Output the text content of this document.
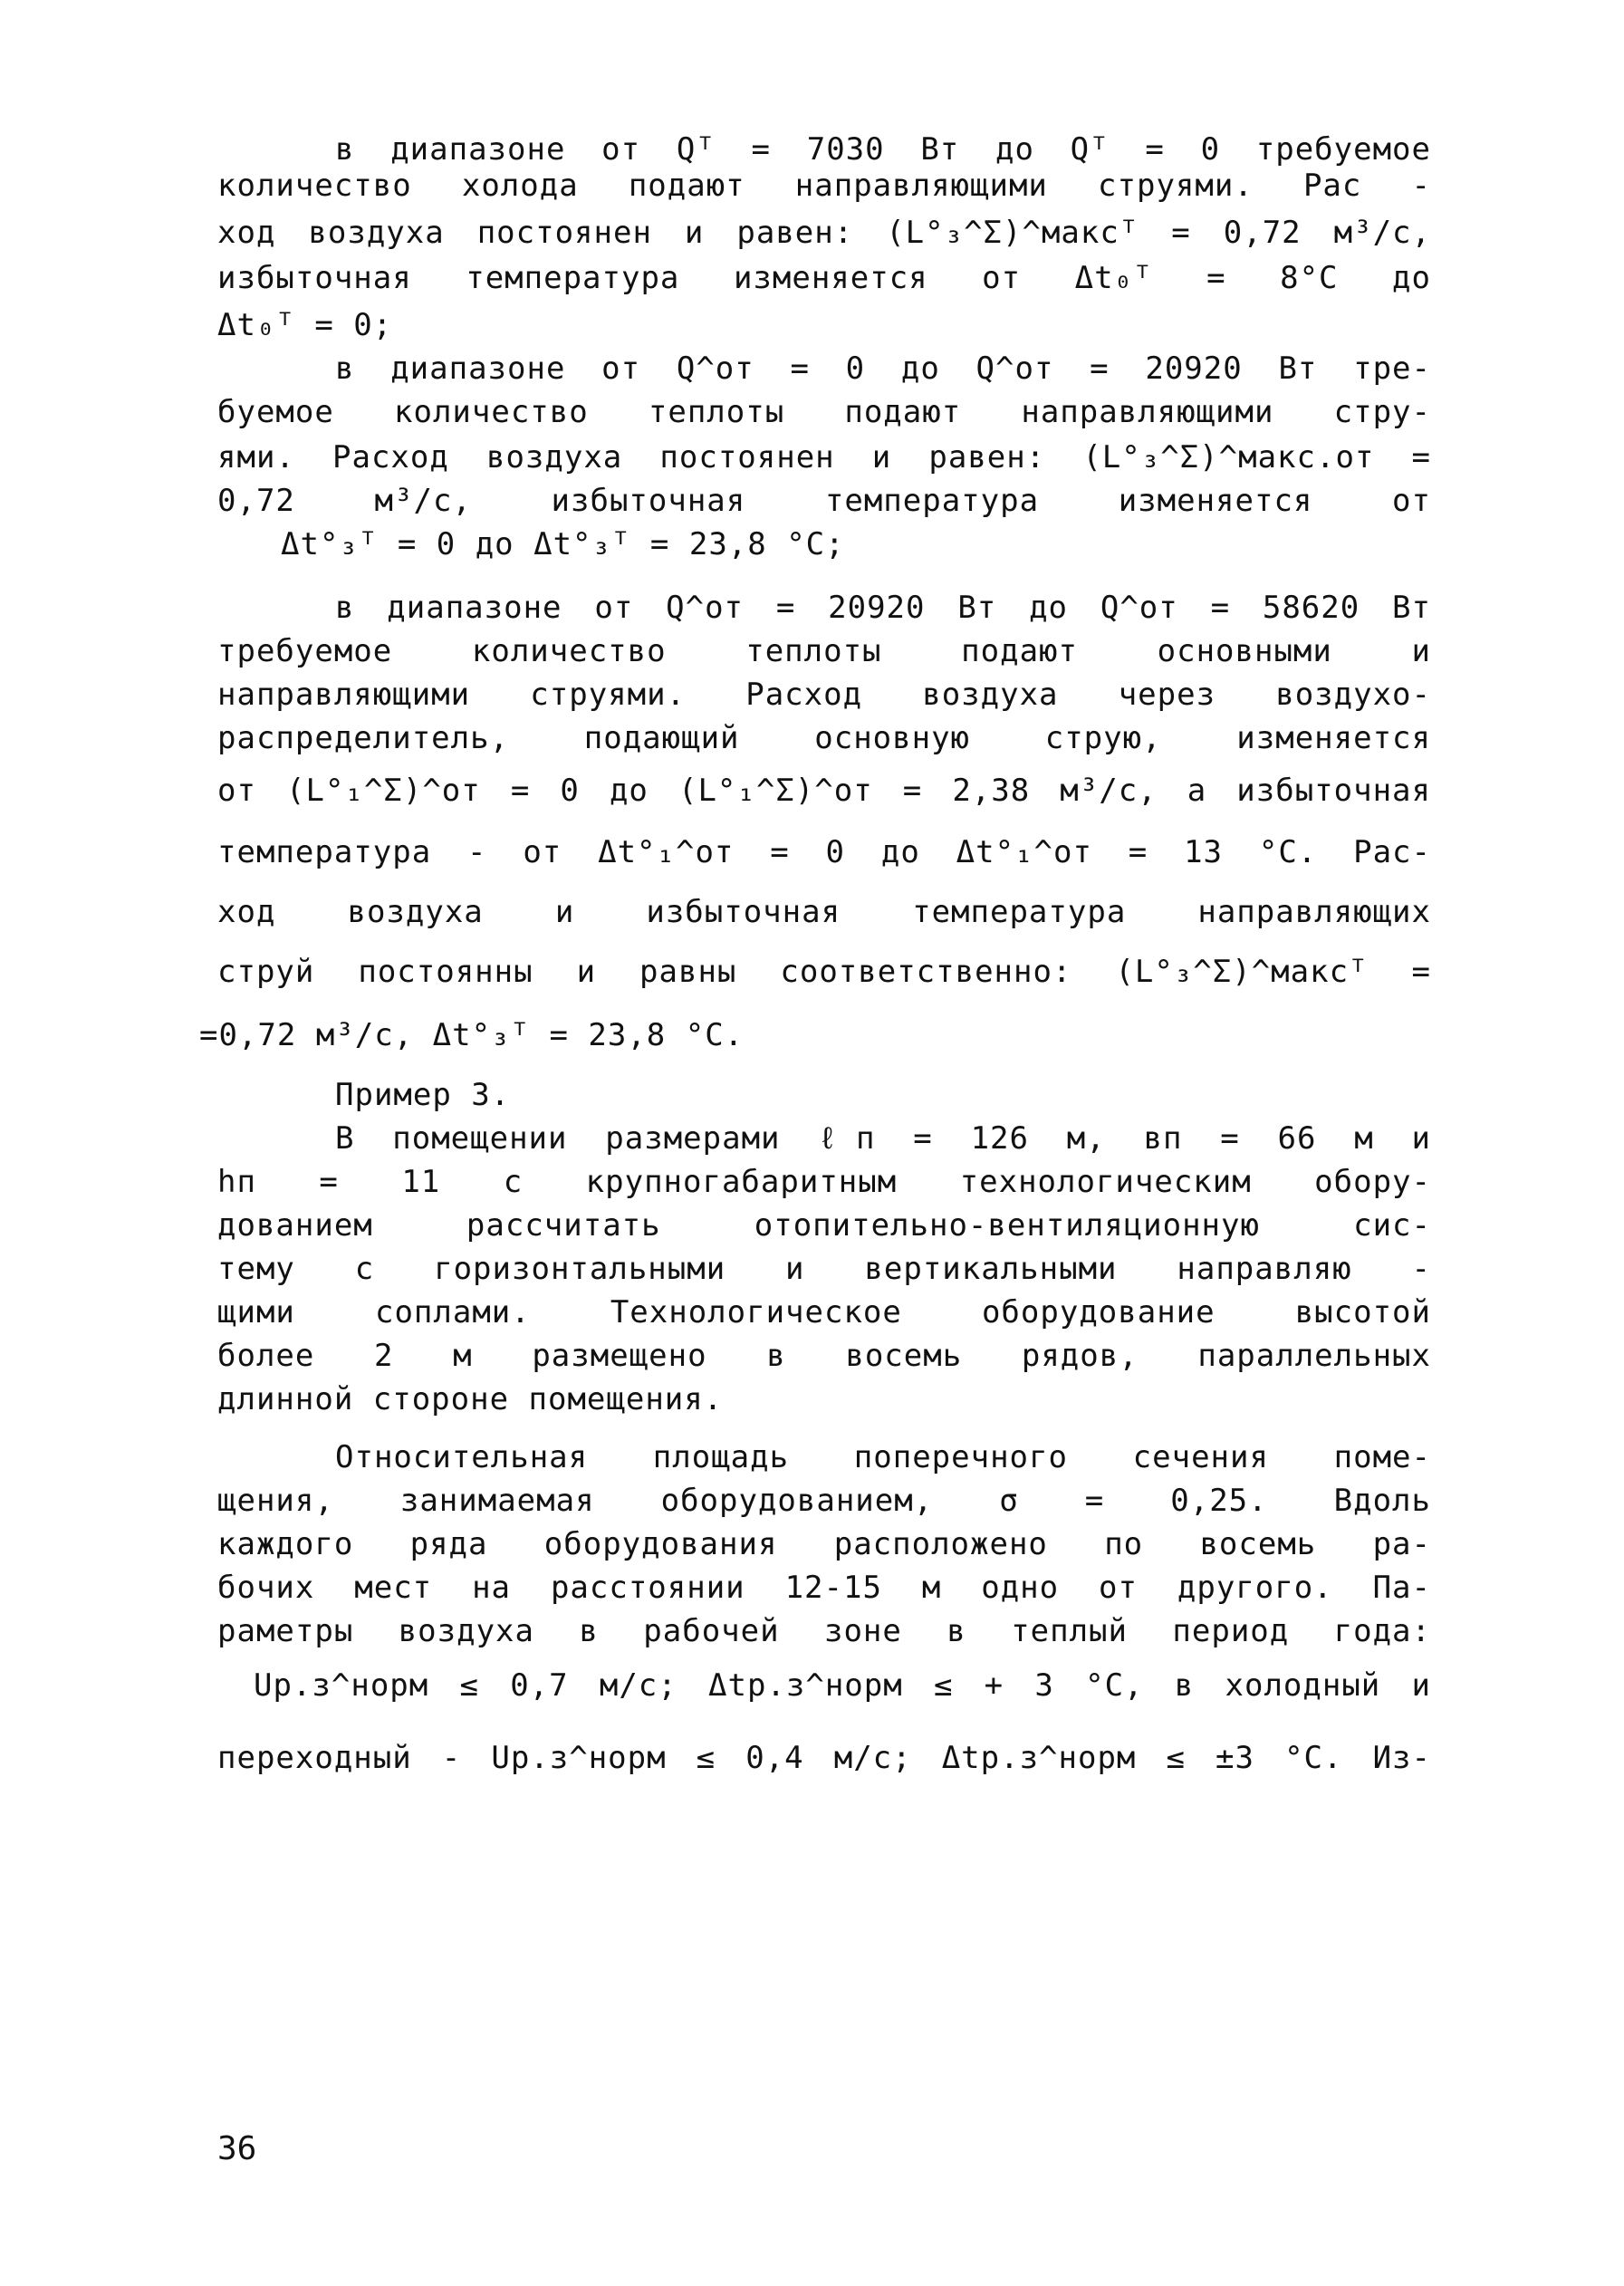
в диапазоне от Qᵀ = 7030 Вт до Qᵀ = 0 требуемое
количество холода подают направляющими струями. Рас -
ход воздуха постоянен и равен: (L°₃^Σ)^максᵀ = 0,72 м³/с,
избыточная температура изменяется от Δt₀ᵀ = 8°С до
Δt₀ᵀ = 0;
в диапазоне от Q^от = 0 до Q^от = 20920 Вт тре-
буемое количество теплоты подают направляющими стру-
ями. Расход воздуха постоянен и равен: (L°₃^Σ)^макс.от =
0,72 м³/с, избыточная температура изменяется от
Δt°₃ᵀ = 0 до Δt°₃ᵀ = 23,8 °С;
в диапазоне от Q^от = 20920 Вт до Q^от = 58620 Вт
требуемое количество теплоты подают основными и
направляющими струями. Расход воздуха через воздухо-
распределитель, подающий основную струю, изменяется
от (L°₁^Σ)^от = 0 до (L°₁^Σ)^от = 2,38 м³/с, а избыточная
температура - от Δt°₁^от = 0 до Δt°₁^от = 13 °С. Рас-
ход воздуха и избыточная температура направляющих
струй постоянны и равны соответственно: (L°₃^Σ)^максᵀ =
=0,72 м³/с, Δt°₃ᵀ = 23,8 °С.
Пример 3.
В помещении размерами ℓп = 126 м, вп = 66 м и
hп = 11 с крупногабаритным технологическим обору-
дованием рассчитать отопительно-вентиляционную сис-
тему с горизонтальными и вертикальными направляю -
щими соплами. Технологическое оборудование высотой
более 2 м размещено в восемь рядов, параллельных
длинной стороне помещения.
Относительная площадь поперечного сечения поме-
щения, занимаемая оборудованием, σ = 0,25. Вдоль
каждого ряда оборудования расположено по восемь ра-
бочих мест на расстоянии 12-15 м одно от другого. Па-
раметры воздуха в рабочей зоне в теплый период года:
Uр.з^норм ≤ 0,7 м/с; Δtр.з^норм ≤ + 3 °С, в холодный и
переходный - Uр.з^норм ≤ 0,4 м/с; Δtр.з^норм ≤ ±3 °С. Из-
36
